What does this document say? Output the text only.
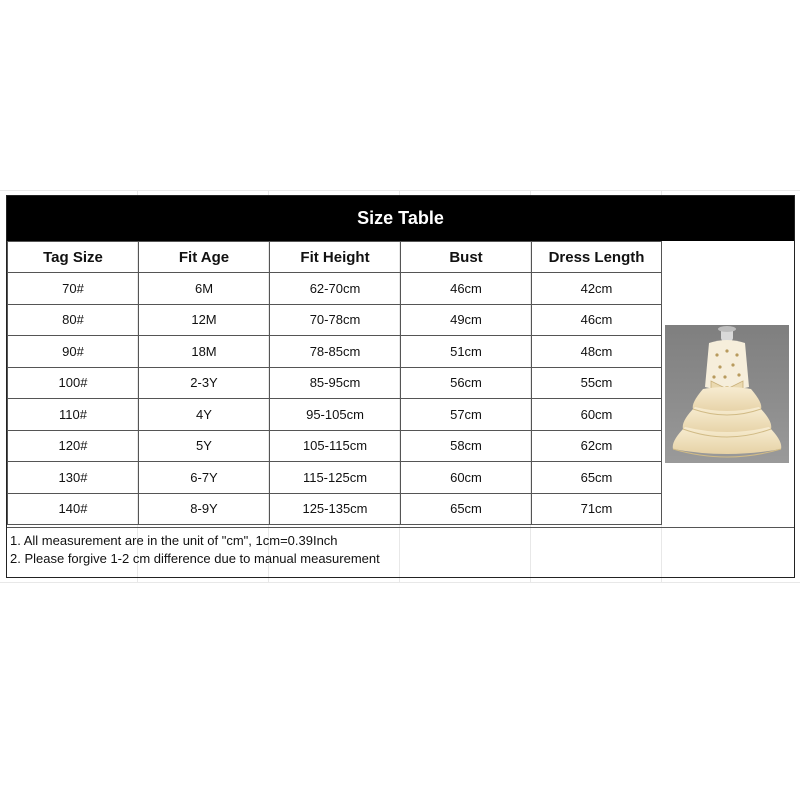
Size Table
Tag Size	Fit Age	Fit Height	Bust	Dress Length
70#	6M	62-70cm	46cm	42cm
80#	12M	70-78cm	49cm	46cm
90#	18M	78-85cm	51cm	48cm
100#	2-3Y	85-95cm	56cm	55cm
110#	4Y	95-105cm	57cm	60cm
120#	5Y	105-115cm	58cm	62cm
130#	6-7Y	115-125cm	60cm	65cm
140#	8-9Y	125-135cm	65cm	71cm
1. All measurement are in the unit of "cm", 1cm=0.39Inch
2. Please forgive 1-2 cm difference due to manual measurement
